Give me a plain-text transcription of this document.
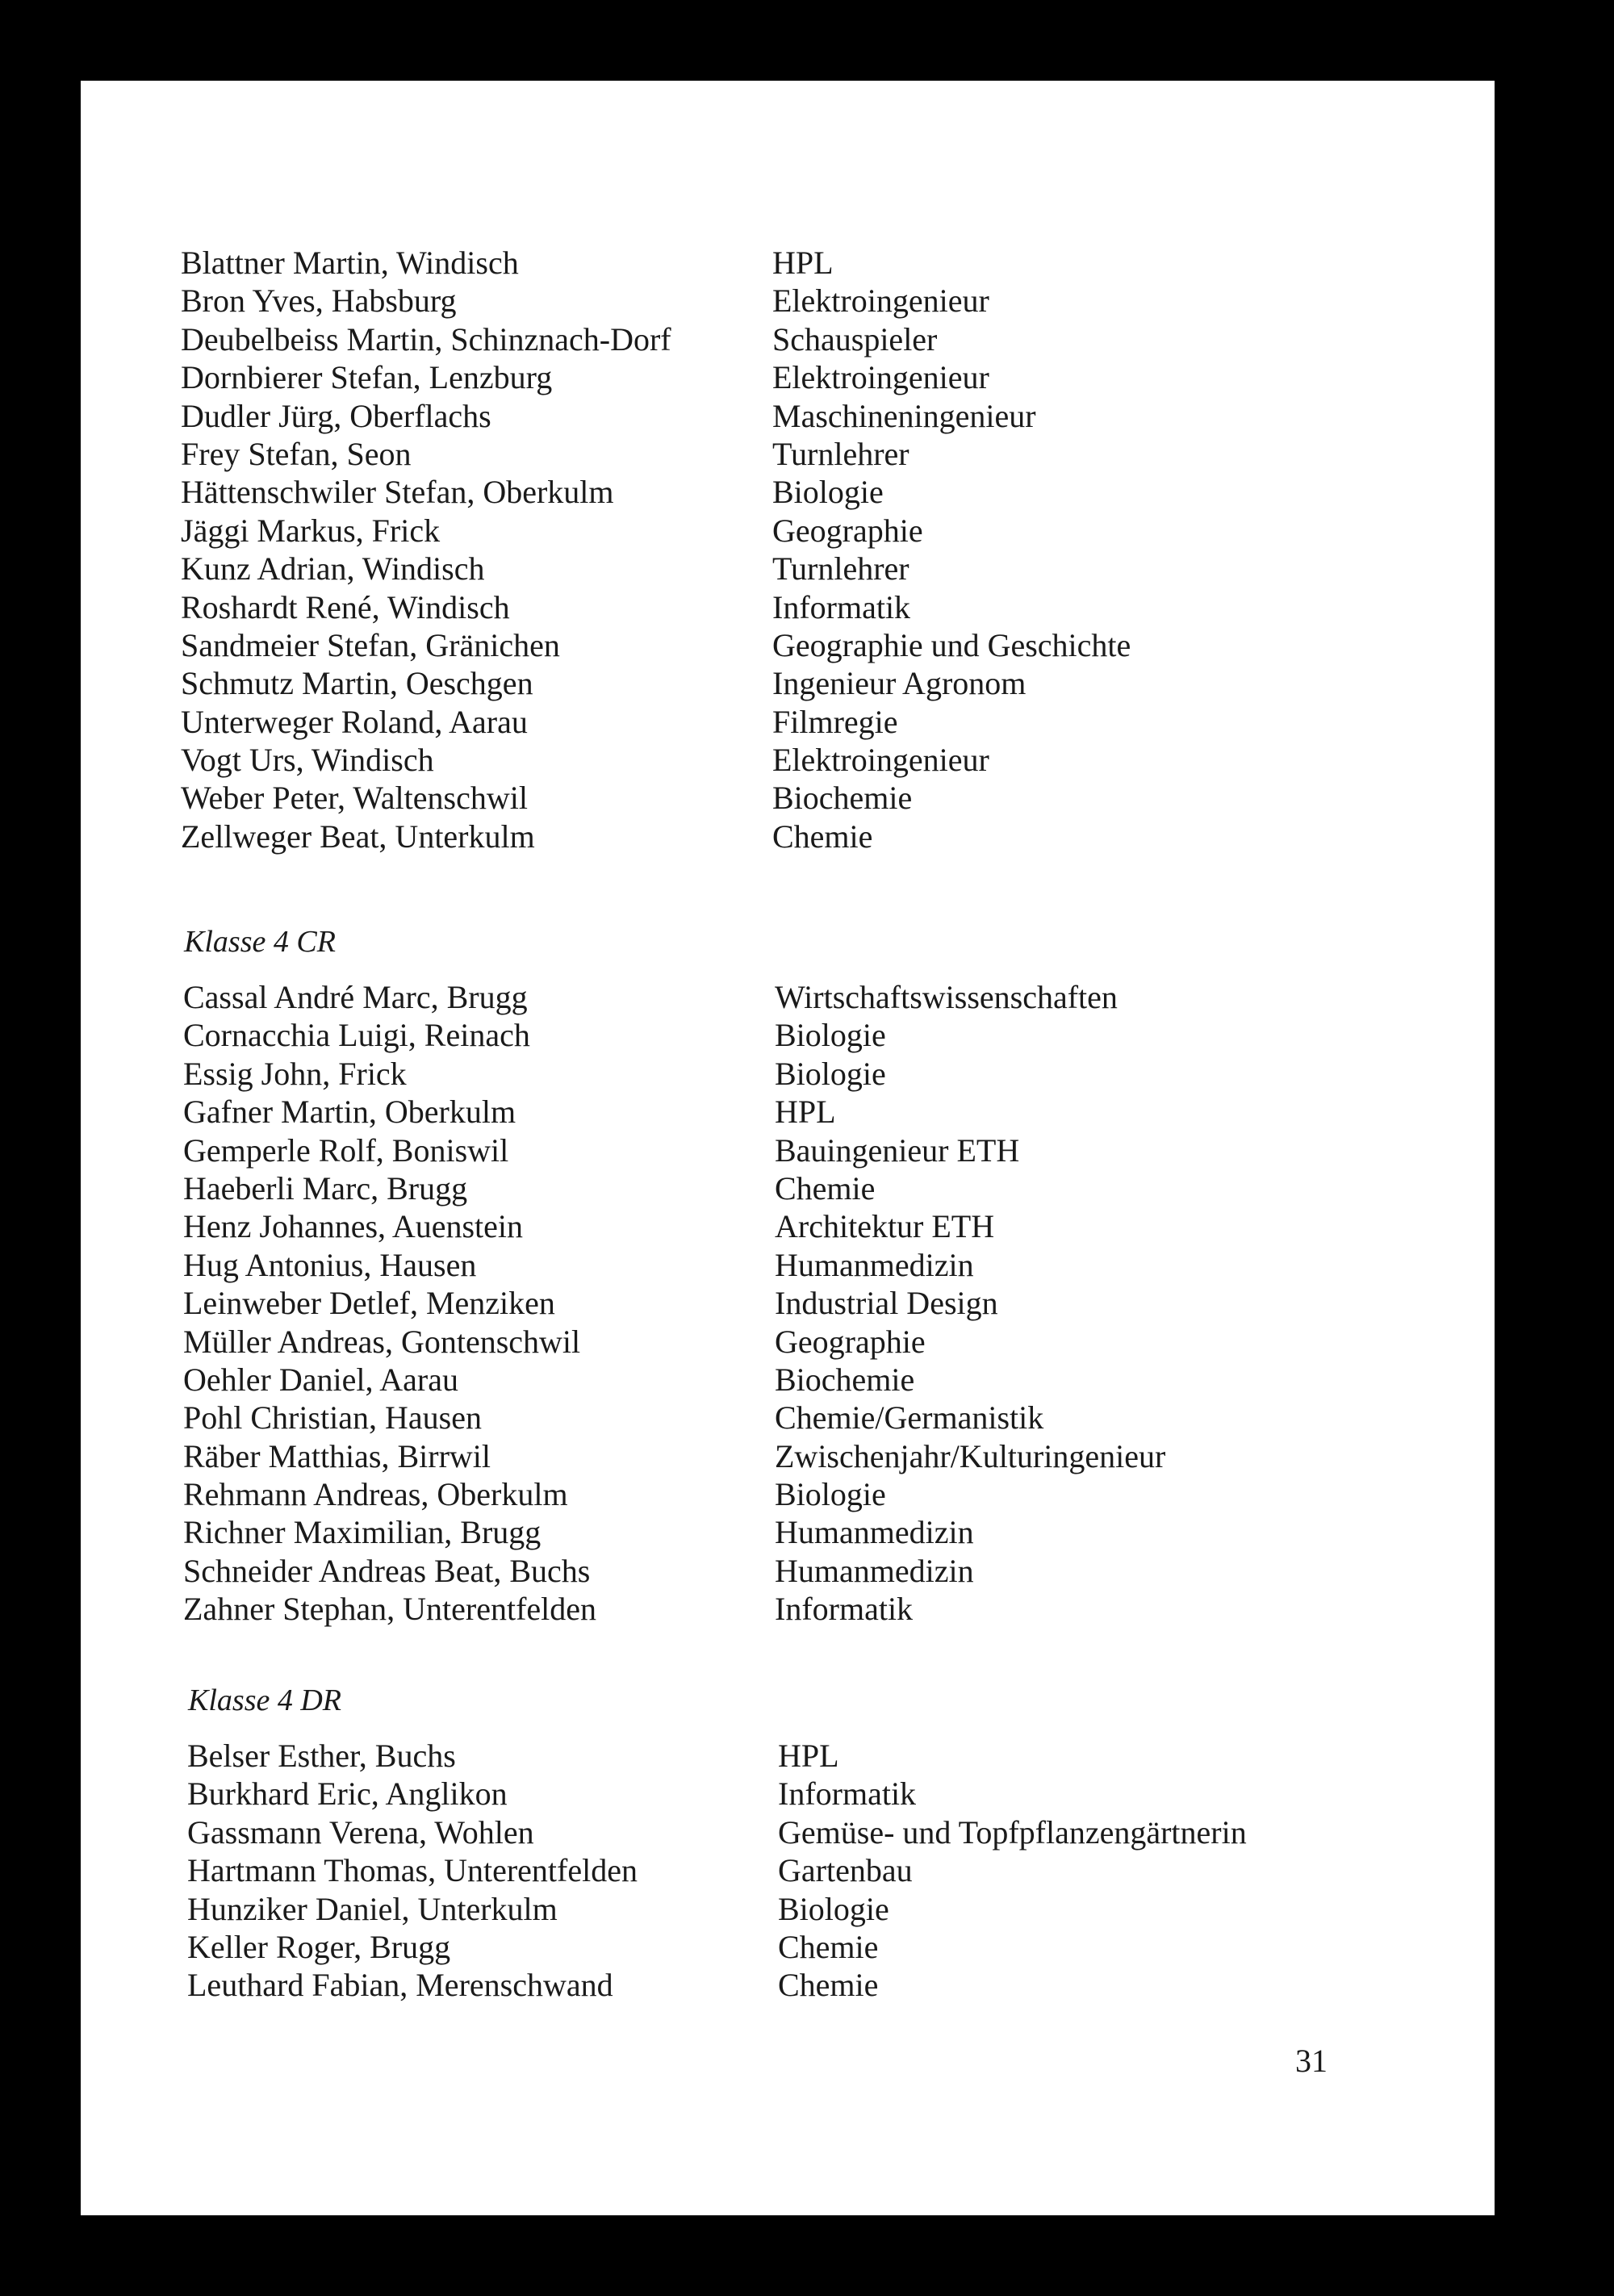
Blattner Martin, Windisch	HPL
Bron Yves, Habsburg	Elektroingenieur
Deubelbeiss Martin, Schinznach-Dorf	Schauspieler
Dornbierer Stefan, Lenzburg	Elektroingenieur
Dudler Jürg, Oberflachs	Maschineningenieur
Frey Stefan, Seon	Turnlehrer
Hättenschwiler Stefan, Oberkulm	Biologie
Jäggi Markus, Frick	Geographie
Kunz Adrian, Windisch	Turnlehrer
Roshardt René, Windisch	Informatik
Sandmeier Stefan, Gränichen	Geographie und Geschichte
Schmutz Martin, Oeschgen	Ingenieur Agronom
Unterweger Roland, Aarau	Filmregie
Vogt Urs, Windisch	Elektroingenieur
Weber Peter, Waltenschwil	Biochemie
Zellweger Beat, Unterkulm	Chemie
Klasse 4 CR
Cassal André Marc, Brugg	Wirtschaftswissenschaften
Cornacchia Luigi, Reinach	Biologie
Essig John, Frick	Biologie
Gafner Martin, Oberkulm	HPL
Gemperle Rolf, Boniswil	Bauingenieur ETH
Haeberli Marc, Brugg	Chemie
Henz Johannes, Auenstein	Architektur ETH
Hug Antonius, Hausen	Humanmedizin
Leinweber Detlef, Menziken	Industrial Design
Müller Andreas, Gontenschwil	Geographie
Oehler Daniel, Aarau	Biochemie
Pohl Christian, Hausen	Chemie/Germanistik
Räber Matthias, Birrwil	Zwischenjahr/Kulturingenieur
Rehmann Andreas, Oberkulm	Biologie
Richner Maximilian, Brugg	Humanmedizin
Schneider Andreas Beat, Buchs	Humanmedizin
Zahner Stephan, Unterentfelden	Informatik
Klasse 4 DR
Belser Esther, Buchs	HPL
Burkhard Eric, Anglikon	Informatik
Gassmann Verena, Wohlen	Gemüse- und Topfpflanzengärtnerin
Hartmann Thomas, Unterentfelden	Gartenbau
Hunziker Daniel, Unterkulm	Biologie
Keller Roger, Brugg	Chemie
Leuthard Fabian, Merenschwand	Chemie
31
